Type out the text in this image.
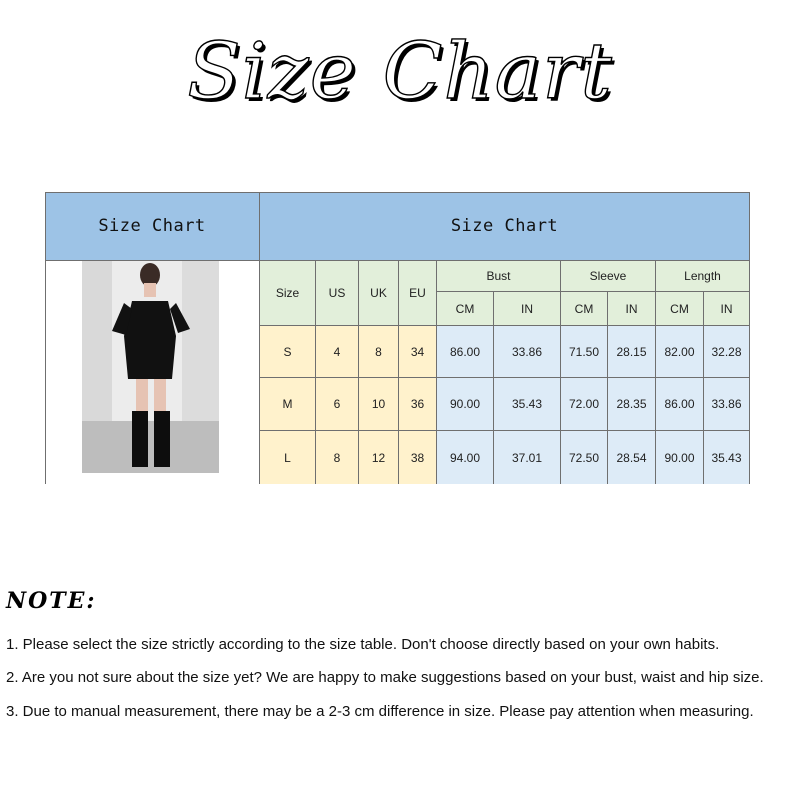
Size Chart
Size Chart	Size Chart
Size	US	UK	EU
Bust	Sleeve	Length
CM	IN	CM	IN	CM	IN
S	4	8	34	86.00	33.86	71.50	28.15	82.00	32.28
M	6	10	36	90.00	35.43	72.00	28.35	86.00	33.86
L	8	12	38	94.00	37.01	72.50	28.54	90.00	35.43
NOTE:
1. Please select the size strictly according to the size table. Don't choose directly based on your own habits.
2. Are you not sure about the size yet? We are happy to make suggestions based on your bust, waist and hip size.
3. Due to manual measurement, there may be a 2-3 cm difference in size. Please pay attention when measuring.
